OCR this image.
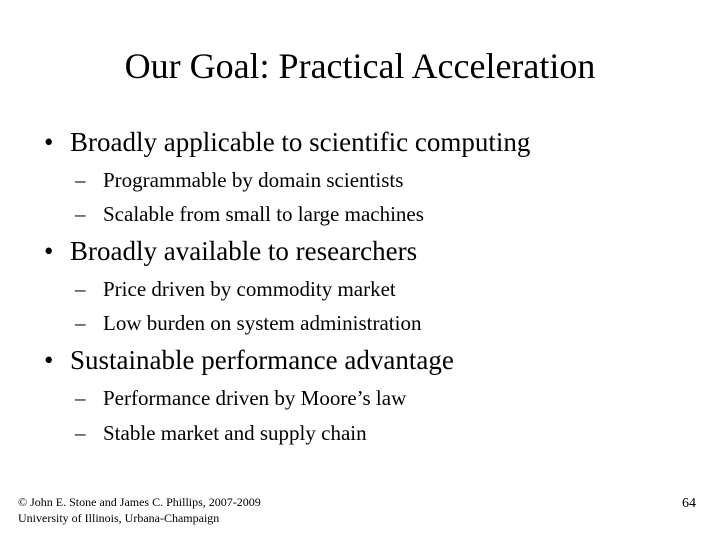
Our Goal: Practical Acceleration
• Broadly applicable to scientific computing
– Programmable by domain scientists
– Scalable from small to large machines
• Broadly available to researchers
– Price driven by commodity market
– Low burden on system administration
• Sustainable performance advantage
– Performance driven by Moore’s law
– Stable market and supply chain
© John E. Stone and James C. Phillips, 2007-2009
University of Illinois, Urbana-Champaign
64
